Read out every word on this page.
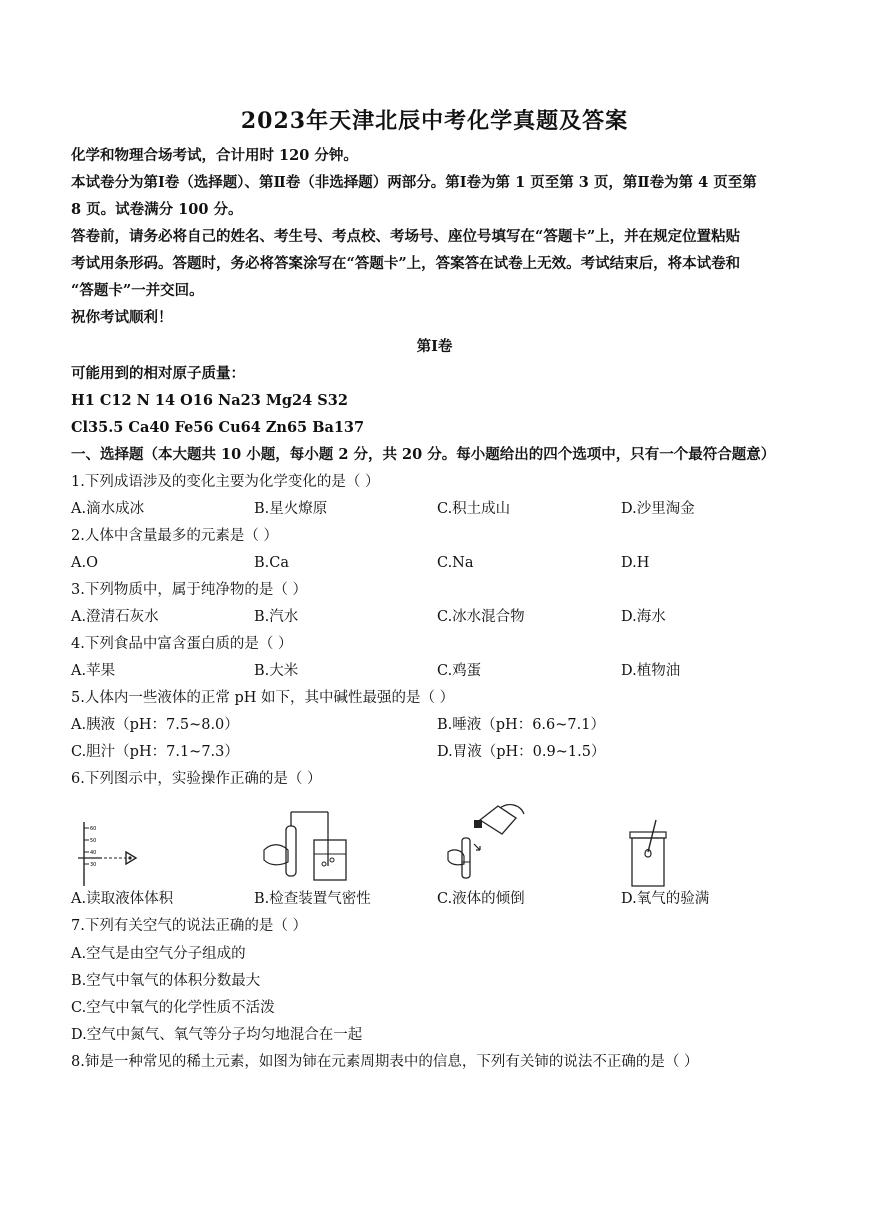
2023年天津北辰中考化学真题及答案
化学和物理合场考试，合计用时 120 分钟。
本试卷分为第Ⅰ卷（选择题）、第Ⅱ卷（非选择题）两部分。第Ⅰ卷为第 1 页至第 3 页，第Ⅱ卷为第 4 页至第
8 页。试卷满分 100 分。
答卷前，请务必将自己的姓名、考生号、考点校、考场号、座位号填写在“答题卡”上，并在规定位置粘贴
考试用条形码。答题时，务必将答案涂写在“答题卡”上，答案答在试卷上无效。考试结束后，将本试卷和
“答题卡”一并交回。
祝你考试顺利！
第Ⅰ卷
可能用到的相对原子质量：
H1 C12 N 14 O16 Na23 Mg24 S32
Cl35.5 Ca40 Fe56 Cu64 Zn65 Ba137
一、选择题（本大题共 10 小题，每小题 2 分，共 20 分。每小题给出的四个选项中，只有一个最符合题意）
1.下列成语涉及的变化主要为化学变化的是（ ）
A.滴水成冰	B.星火燎原	C.积土成山	D.沙里淘金
2.人体中含量最多的元素是（ ）
A.O	B.Ca	C.Na	D.H
3.下列物质中，属于纯净物的是（ ）
A.澄清石灰水	B.汽水	C.冰水混合物	D.海水
4.下列食品中富含蛋白质的是（ ）
A.苹果	B.大米	C.鸡蛋	D.植物油
5.人体内一些液体的正常 pH 如下，其中碱性最强的是（ ）
A.胰液（pH：7.5~8.0）	B.唾液（pH：6.6~7.1）
C.胆汁（pH：7.1~7.3）	D.胃液（pH：0.9~1.5）
6.下列图示中，实验操作正确的是（ ）
60
50
40
30
A.读取液体体积	B.检查装置气密性	C.液体的倾倒	D.氧气的验满
7.下列有关空气的说法正确的是（ ）
A.空气是由空气分子组成的
B.空气中氧气的体积分数最大
C.空气中氧气的化学性质不活泼
D.空气中氮气、氧气等分子均匀地混合在一起
8.铈是一种常见的稀土元素，如图为铈在元素周期表中的信息，下列有关铈的说法不正确的是（ ）
